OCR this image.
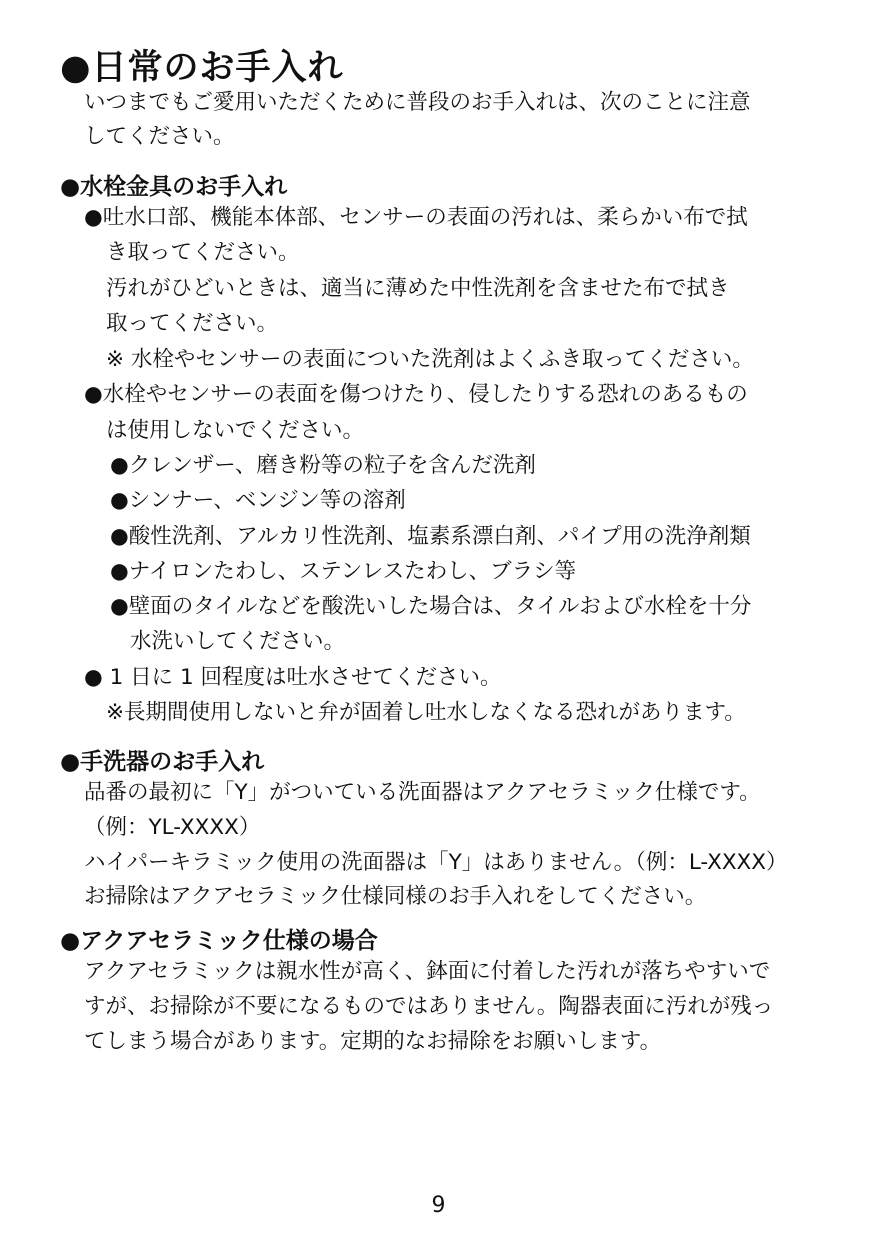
●日常のお手入れ
いつまでもご愛用いただくために普段のお手入れは、次のことに注意
してください。
●水栓金具のお手入れ
●吐水口部、機能本体部、センサーの表面の汚れは、柔らかい布で拭
き取ってください。
汚れがひどいときは、適当に薄めた中性洗剤を含ませた布で拭き
取ってください。
※ 水栓やセンサーの表面についた洗剤はよくふき取ってください。
●水栓やセンサーの表面を傷つけたり、侵したりする恐れのあるもの
は使用しないでください。
●クレンザー、磨き粉等の粒子を含んだ洗剤
●シンナー、ベンジン等の溶剤
●酸性洗剤、アルカリ性洗剤、塩素系漂白剤、パイプ用の洗浄剤類
●ナイロンたわし、ステンレスたわし、ブラシ等
●壁面のタイルなどを酸洗いした場合は、タイルおよび水栓を十分
水洗いしてください。
● 1 日に 1 回程度は吐水させてください。
※長期間使用しないと弁が固着し吐水しなくなる恐れがあります。
●手洗器のお手入れ
品番の最初に「Y」がついている洗面器はアクアセラミック仕様です。
（例：YL-XXXX）
ハイパーキラミック使用の洗面器は「Y」はありません。（例：L-XXXX）
お掃除はアクアセラミック仕様同様のお手入れをしてください。
●アクアセラミック仕様の場合
アクアセラミックは親水性が高く、鉢面に付着した汚れが落ちやすいで
すが、お掃除が不要になるものではありません。陶器表面に汚れが残っ
てしまう場合があります。定期的なお掃除をお願いします。
9
